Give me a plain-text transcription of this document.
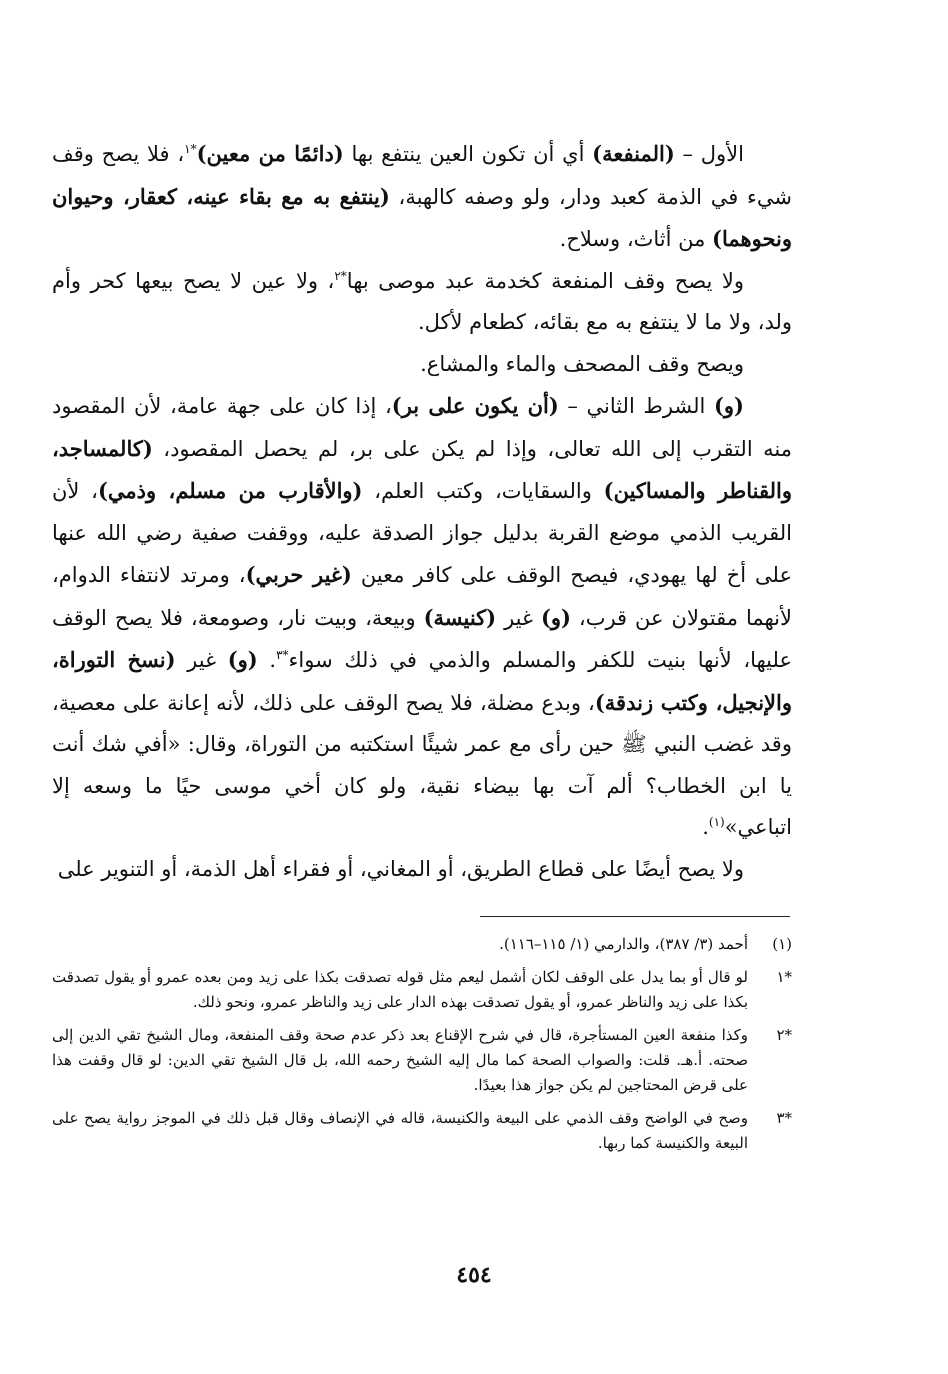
الأول – (المنفعة) أي أن تكون العين ينتفع بها (دائمًا من معين)$^{*١}$، فلا يصح وقف شيء في الذمة كعبد ودار، ولو وصفه كالهبة، (ينتفع به مع بقاء عينه، كعقار، وحيوان ونحوهما) من أثاث، وسلاح.

ولا يصح وقف المنفعة كخدمة عبد موصى بها$^{*٢}$، ولا عين لا يصح بيعها كحر وأم ولد، ولا ما لا ينتفع به مع بقائه، كطعام لأكل.

ويصح وقف المصحف والماء والمشاع.

(و) الشرط الثاني – (أن يكون على بر)، إذا كان على جهة عامة، لأن المقصود منه التقرب إلى الله تعالى، وإذا لم يكن على بر، لم يحصل المقصود، (كالمساجد، والقناطر والمساكين) والسقايات، وكتب العلم، (والأقارب من مسلم، وذمي)، لأن القريب الذمي موضع القربة بدليل جواز الصدقة عليه، ووقفت صفية رضي الله عنها على أخ لها يهودي، فيصح الوقف على كافر معين (غير حربي)، ومرتد لانتفاء الدوام، لأنهما مقتولان عن قرب، (و) غير (كنيسة) وبيعة، وبيت نار، وصومعة، فلا يصح الوقف عليها، لأنها بنيت للكفر والمسلم والذمي في ذلك سواء$^{*٣}$. (و) غير (نسخ التوراة، والإنجيل، وكتب زندقة)، وبدع مضلة، فلا يصح الوقف على ذلك، لأنه إعانة على معصية، وقد غضب النبي ﷺ حين رأى مع عمر شيئًا استكتبه من التوراة، وقال: «أفي شك أنت يا ابن الخطاب؟ ألم آت بها بيضاء نقية، ولو كان أخي موسى حيًا ما وسعه إلا اتباعي»$^{(١)}$.

ولا يصح أيضًا على قطاع الطريق، أو المغاني، أو فقراء أهل الذمة، أو التنوير على

(١)
أحمد (٣/ ٣٨٧)، والدارمي (١/ ١١٥–١١٦).
*١
لو قال أو بما يدل على الوقف لكان أشمل ليعم مثل قوله تصدقت بكذا على زيد ومن بعده عمرو أو يقول تصدقت بكذا على زيد والناظر عمرو، أو يقول تصدقت بهذه الدار على زيد والناظر عمرو، ونحو ذلك.
*٢
وكذا منفعة العين المستأجرة، قال في شرح الإقناع بعد ذكر عدم صحة وقف المنفعة، ومال الشيخ تقي الدين إلى صحته. أ.هـ. قلت: والصواب الصحة كما مال إليه الشيخ رحمه الله، بل قال الشيخ تقي الدين: لو قال وقفت هذا على قرض المحتاجين لم يكن جواز هذا بعيدًا.
*٣
وصح في الواضح وقف الذمي على البيعة والكنيسة، قاله في الإنصاف وقال قبل ذلك في الموجز رواية يصح على البيعة والكنيسة كما ربها.
٤٥٤
